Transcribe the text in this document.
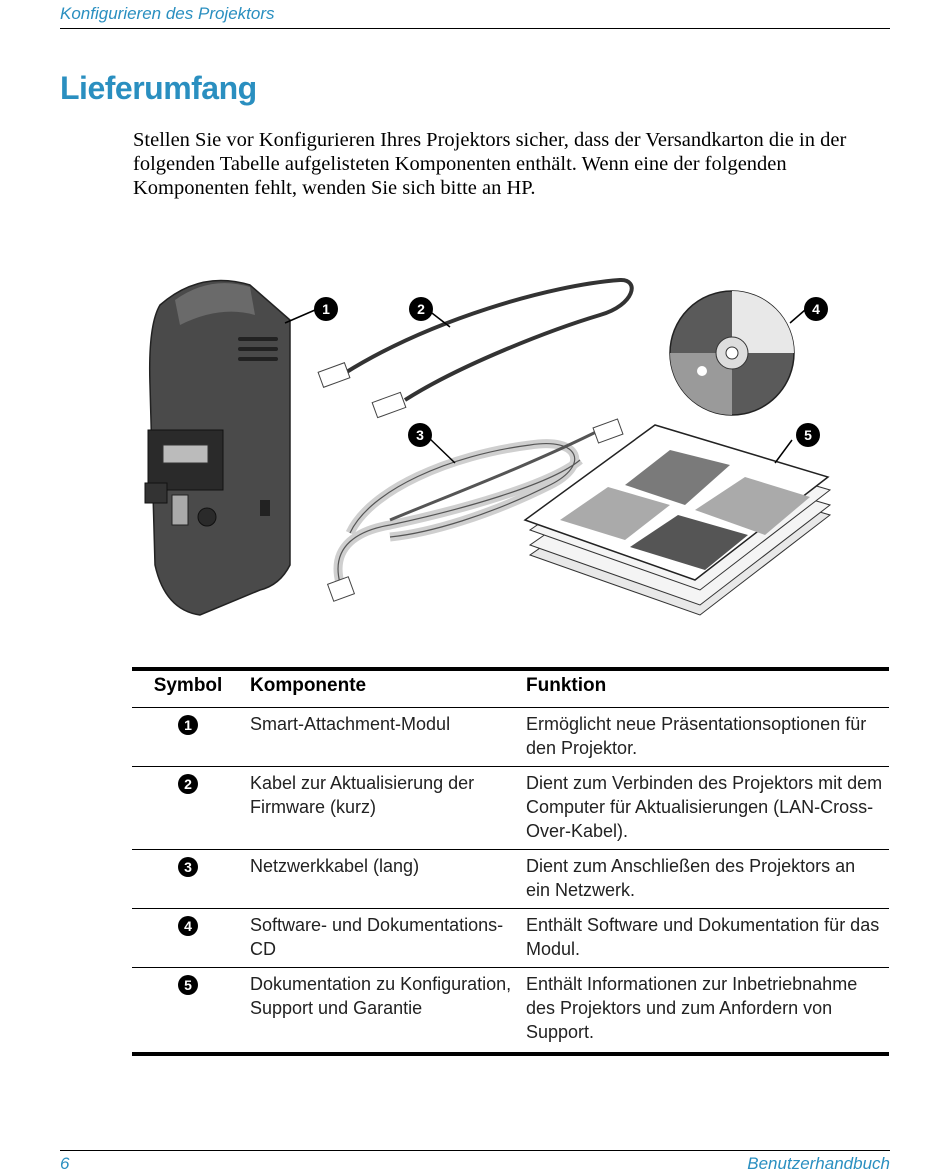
Konfigurieren des Projektors
Lieferumfang

Stellen Sie vor Konfigurieren Ihres Projektors sicher, dass der Versandkarton die in der folgenden Tabelle aufgelisteten Komponenten enthält. Wenn eine der folgenden Komponenten fehlt, wenden Sie sich bitte an HP.

1	2
3
4
5
Symbol	Komponente	Funktion
1	Smart-Attachment-Modul	Ermöglicht neue Präsentationsoptionen für den Projektor.
2	Kabel zur Aktualisierung der Firmware (kurz)	Dient zum Verbinden des Projektors mit dem Computer für Aktualisierungen (LAN-Cross-Over-Kabel).
3	Netzwerkkabel (lang)	Dient zum Anschließen des Projektors an ein Netzwerk.
4	Software- und Dokumentations-CD	Enthält Software und Dokumentation für das Modul.
5	Dokumentation zu Konfiguration, Support und Garantie	Enthält Informationen zur Inbetriebnahme des Projektors und zum Anfordern von Support.
6	Benutzerhandbuch
